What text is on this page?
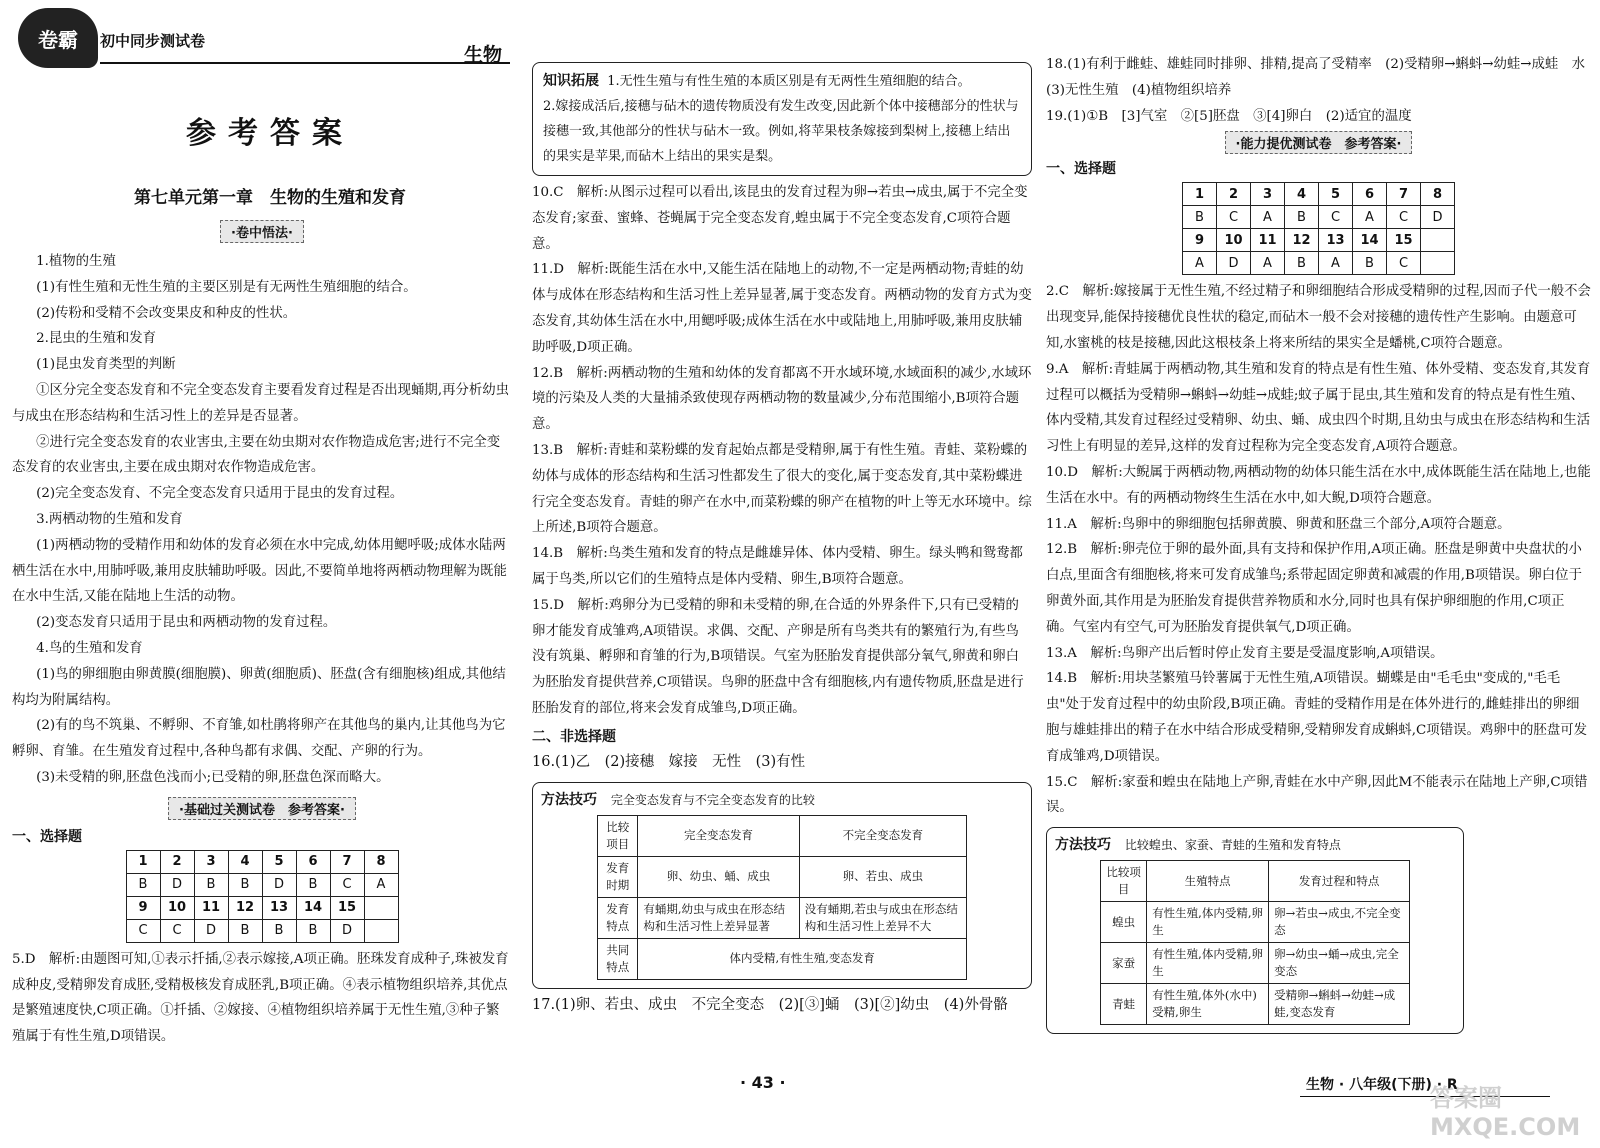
卷霸 初中同步测试卷
生物
参考答案
第七单元第一章　生物的生殖和发育
·卷中悟法·

1.植物的生殖

(1)有性生殖和无性生殖的主要区别是有无两性生殖细胞的结合。

(2)传粉和受精不会改变果皮和种皮的性状。

2.昆虫的生殖和发育

(1)昆虫发育类型的判断

①区分完全变态发育和不完全变态发育主要看发育过程是否出现蛹期,再分析幼虫与成虫在形态结构和生活习性上的差异是否显著。

②进行完全变态发育的农业害虫,主要在幼虫期对农作物造成危害;进行不完全变态发育的农业害虫,主要在成虫期对农作物造成危害。

(2)完全变态发育、不完全变态发育只适用于昆虫的发育过程。

3.两栖动物的生殖和发育

(1)两栖动物的受精作用和幼体的发育必须在水中完成,幼体用鳃呼吸;成体水陆两栖生活在水中,用肺呼吸,兼用皮肤辅助呼吸。因此,不要简单地将两栖动物理解为既能在水中生活,又能在陆地上生活的动物。

(2)变态发育只适用于昆虫和两栖动物的发育过程。

4.鸟的生殖和发育

(1)鸟的卵细胞由卵黄膜(细胞膜)、卵黄(细胞质)、胚盘(含有细胞核)组成,其他结构均为附属结构。

(2)有的鸟不筑巢、不孵卵、不育雏,如杜鹃将卵产在其他鸟的巢内,让其他鸟为它孵卵、育雏。在生殖发育过程中,各种鸟都有求偶、交配、产卵的行为。

(3)未受精的卵,胚盘色浅而小;已受精的卵,胚盘色深而略大。

·基础过关测试卷　参考答案·
一、选择题
1	2	3	4	5	6	7	8
B	D	B	B	D	B	C	A
9	10	11	12	13	14	15	
C	C	D	B	B	B	D	

5.D　解析:由题图可知,①表示扦插,②表示嫁接,A项正确。胚珠发育成种子,珠被发育成种皮,受精卵发育成胚,受精极核发育成胚乳,B项正确。④表示植物组织培养,其优点是繁殖速度快,C项正确。①扦插、②嫁接、④植物组织培养属于无性生殖,③种子繁殖属于有性生殖,D项错误。

知识拓展 1.无性生殖与有性生殖的本质区别是有无两性生殖细胞的结合。
2.嫁接成活后,接穗与砧木的遗传物质没有发生改变,因此新个体中接穗部分的性状与接穗一致,其他部分的性状与砧木一致。例如,将苹果枝条嫁接到梨树上,接穗上结出的果实是苹果,而砧木上结出的果实是梨。

10.C　解析:从图示过程可以看出,该昆虫的发育过程为卵→若虫→成虫,属于不完全变态发育;家蚕、蜜蜂、苍蝇属于完全变态发育,蝗虫属于不完全变态发育,C项符合题意。

11.D　解析:既能生活在水中,又能生活在陆地上的动物,不一定是两栖动物;青蛙的幼体与成体在形态结构和生活习性上差异显著,属于变态发育。两栖动物的发育方式为变态发育,其幼体生活在水中,用鳃呼吸;成体生活在水中或陆地上,用肺呼吸,兼用皮肤辅助呼吸,D项正确。

12.B　解析:两栖动物的生殖和幼体的发育都离不开水域环境,水域面积的减少,水域环境的污染及人类的大量捕杀致使现存两栖动物的数量减少,分布范围缩小,B项符合题意。

13.B　解析:青蛙和菜粉蝶的发育起始点都是受精卵,属于有性生殖。青蛙、菜粉蝶的幼体与成体的形态结构和生活习性都发生了很大的变化,属于变态发育,其中菜粉蝶进行完全变态发育。青蛙的卵产在水中,而菜粉蝶的卵产在植物的叶上等无水环境中。综上所述,B项符合题意。

14.B　解析:鸟类生殖和发育的特点是雌雄异体、体内受精、卵生。绿头鸭和鸳鸯都属于鸟类,所以它们的生殖特点是体内受精、卵生,B项符合题意。

15.D　解析:鸡卵分为已受精的卵和未受精的卵,在合适的外界条件下,只有已受精的卵才能发育成雏鸡,A项错误。求偶、交配、产卵是所有鸟类共有的繁殖行为,有些鸟没有筑巢、孵卵和育雏的行为,B项错误。气室为胚胎发育提供部分氧气,卵黄和卵白为胚胎发育提供营养,C项错误。鸟卵的胚盘中含有细胞核,内有遗传物质,胚盘是进行胚胎发育的部位,将来会发育成雏鸟,D项正确。

二、非选择题

16.(1)乙　(2)接穗　嫁接　无性　(3)有性

方法技巧 完全变态发育与不完全变态发育的比较
比较项目	完全变态发育	不完全变态发育
发育时期	卵、幼虫、蛹、成虫	卵、若虫、成虫
发育特点	有蛹期,幼虫与成虫在形态结构和生活习性上差异显著	没有蛹期,若虫与成虫在形态结构和生活习性上差异不大
共同特点	体内受精,有性生殖,变态发育	

17.(1)卵、若虫、成虫　不完全变态　(2)[③]蛹　(3)[②]幼虫　(4)外骨骼

18.(1)有利于雌蛙、雄蛙同时排卵、排精,提高了受精率　(2)受精卵→蝌蚪→幼蛙→成蛙　水　(3)无性生殖　(4)植物组织培养

19.(1)①B　[3]气室　②[5]胚盘　③[4]卵白　(2)适宜的温度

·能力提优测试卷　参考答案·
一、选择题
1	2	3	4	5	6	7	8
B	C	A	B	C	A	C	D
9	10	11	12	13	14	15	
A	D	A	B	A	B	C	

2.C　解析:嫁接属于无性生殖,不经过精子和卵细胞结合形成受精卵的过程,因而子代一般不会出现变异,能保持接穗优良性状的稳定,而砧木一般不会对接穗的遗传性产生影响。由题意可知,水蜜桃的枝是接穗,因此这根枝条上将来所结的果实全是蟠桃,C项符合题意。

9.A　解析:青蛙属于两栖动物,其生殖和发育的特点是有性生殖、体外受精、变态发育,其发育过程可以概括为受精卵→蝌蚪→幼蛙→成蛙;蚊子属于昆虫,其生殖和发育的特点是有性生殖、体内受精,其发育过程经过受精卵、幼虫、蛹、成虫四个时期,且幼虫与成虫在形态结构和生活习性上有明显的差异,这样的发育过程称为完全变态发育,A项符合题意。

10.D　解析:大鲵属于两栖动物,两栖动物的幼体只能生活在水中,成体既能生活在陆地上,也能生活在水中。有的两栖动物终生生活在水中,如大鲵,D项符合题意。

11.A　解析:鸟卵中的卵细胞包括卵黄膜、卵黄和胚盘三个部分,A项符合题意。

12.B　解析:卵壳位于卵的最外面,具有支持和保护作用,A项正确。胚盘是卵黄中央盘状的小白点,里面含有细胞核,将来可发育成雏鸟;系带起固定卵黄和减震的作用,B项错误。卵白位于卵黄外面,其作用是为胚胎发育提供营养物质和水分,同时也具有保护卵细胞的作用,C项正确。气室内有空气,可为胚胎发育提供氧气,D项正确。

13.A　解析:鸟卵产出后暂时停止发育主要是受温度影响,A项错误。

14.B　解析:用块茎繁殖马铃薯属于无性生殖,A项错误。蝴蝶是由"毛毛虫"变成的,"毛毛虫"处于发育过程中的幼虫阶段,B项正确。青蛙的受精作用是在体外进行的,雌蛙排出的卵细胞与雄蛙排出的精子在水中结合形成受精卵,受精卵发育成蝌蚪,C项错误。鸡卵中的胚盘可发育成雏鸡,D项错误。

15.C　解析:家蚕和蝗虫在陆地上产卵,青蛙在水中产卵,因此M不能表示在陆地上产卵,C项错误。

方法技巧 比较蝗虫、家蚕、青蛙的生殖和发育特点
比较项目	生殖特点	发育过程和特点
蝗虫	有性生殖,体内受精,卵生	卵→若虫→成虫,不完全变态
家蚕	有性生殖,体内受精,卵生	卵→幼虫→蛹→成虫,完全变态
青蛙	有性生殖,体外(水中)受精,卵生	受精卵→蝌蚪→幼蛙→成蛙,变态发育
· 43 ·	生物 · 八年级(下册) · R
答案圈 MXQE.COM
